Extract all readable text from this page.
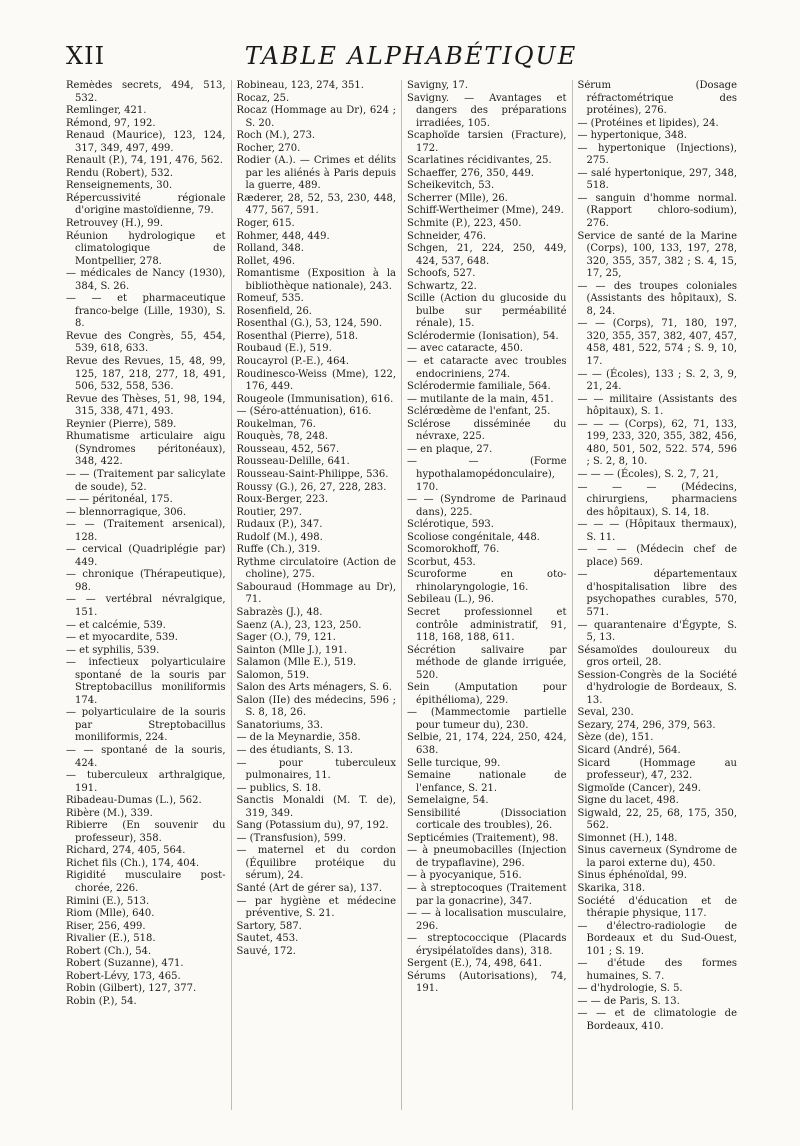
XII	TABLE ALPHABÉTIQUE

Remèdes secrets, 494, 513, 532.

Remlinger, 421.

Rémond, 97, 192.

Renaud (Maurice), 123, 124, 317, 349, 497, 499.

Renault (P.), 74, 191, 476, 562.

Rendu (Robert), 532.

Renseignements, 30.

Répercussivité régionale d'origine mastoïdienne, 79.

Retrouvey (H.), 99.

Réunion hydrologique et climatologique de Montpellier, 278.

— médicales de Nancy (1930), 384, S. 26.

— — et pharmaceutique franco-belge (Lille, 1930), S. 8.

Revue des Congrès, 55, 454, 539, 618, 633.

Revue des Revues, 15, 48, 99, 125, 187, 218, 277, 18, 491, 506, 532, 558, 536.

Revue des Thèses, 51, 98, 194, 315, 338, 471, 493.

Reynier (Pierre), 589.

Rhumatisme articulaire aigu (Syndromes péritonéaux), 348, 422.

— — (Traitement par salicylate de soude), 52.

— — péritonéal, 175.

— blennorragique, 306.

— — (Traitement arsenical), 128.

— cervical (Quadriplégie par) 449.

— chronique (Thérapeutique), 98.

— — vertébral névralgique, 151.

— et calcémie, 539.

— et myocardite, 539.

— et syphilis, 539.

— infectieux polyarticulaire spontané de la souris par Streptobacillus moniliformis 174.

— polyarticulaire de la souris par Streptobacillus moniliformis, 224.

— — spontané de la souris, 424.

— tuberculeux arthralgique, 191.

Ribadeau-Dumas (L.), 562.

Ribère (M.), 339.

Ribierre (En souvenir du professeur), 358.

Richard, 274, 405, 564.

Richet fils (Ch.), 174, 404.

Rigidité musculaire post-chorée, 226.

Rimini (E.), 513.

Riom (Mlle), 640.

Riser, 256, 499.

Rivalier (E.), 518.

Robert (Ch.), 54.

Robert (Suzanne), 471.

Robert-Lévy, 173, 465.

Robin (Gilbert), 127, 377.

Robin (P.), 54.

Robineau, 123, 274, 351.

Rocaz, 25.

Rocaz (Hommage au Dr), 624 ; S. 20.

Roch (M.), 273.

Rocher, 270.

Rodier (A.). — Crimes et délits par les aliénés à Paris depuis la guerre, 489.

Ræderer, 28, 52, 53, 230, 448, 477, 567, 591.

Roger, 615.

Rohmer, 448, 449.

Rolland, 348.

Rollet, 496.

Romantisme (Exposition à la bibliothèque nationale), 243.

Romeuf, 535.

Rosenfield, 26.

Rosenthal (G.), 53, 124, 590.

Rosenthal (Pierre), 518.

Roubaud (E.), 519.

Roucayrol (P.-E.), 464.

Roudinesco-Weiss (Mme), 122, 176, 449.

Rougeole (Immunisation), 616.

— (Séro-atténuation), 616.

Roukelman, 76.

Rouquès, 78, 248.

Rousseau, 452, 567.

Rousseau-Delille, 641.

Rousseau-Saint-Philippe, 536.

Roussy (G.), 26, 27, 228, 283.

Roux-Berger, 223.

Routier, 297.

Rudaux (P.), 347.

Rudolf (M.), 498.

Ruffe (Ch.), 319.

Rythme circulatoire (Action de choline), 275.

Sabouraud (Hommage au Dr), 71.

Sabrazès (J.), 48.

Saenz (A.), 23, 123, 250.

Sager (O.), 79, 121.

Sainton (Mlle J.), 191.

Salamon (Mlle E.), 519.

Salomon, 519.

Salon des Arts ménagers, S. 6.

Salon (IIe) des médecins, 596 ; S. 8, 18, 26.

Sanatoriums, 33.

— de la Meynardie, 358.

— des étudiants, S. 13.

— pour tuberculeux pulmonaires, 11.

— publics, S. 18.

Sanctis Monaldi (M. T. de), 319, 349.

Sang (Potassium du), 97, 192.

— (Transfusion), 599.

— maternel et du cordon (Équilibre protéique du sérum), 24.

Santé (Art de gérer sa), 137.

— par hygiène et médecine préventive, S. 21.

Sartory, 587.

Sautet, 453.

Sauvé, 172.

Savigny, 17.

Savigny. — Avantages et dangers des préparations irradiées, 105.

Scaphoïde tarsien (Fracture), 172.

Scarlatines récidivantes, 25.

Schaeffer, 276, 350, 449.

Scheikevitch, 53.

Scherrer (Mlle), 26.

Schiff-Wertheimer (Mme), 249.

Schmite (P.), 223, 450.

Schneider, 476.

Schgen, 21, 224, 250, 449, 424, 537, 648.

Schoofs, 527.

Schwartz, 22.

Scille (Action du glucoside du bulbe sur perméabilité rénale), 15.

Sclérodermie (Ionisation), 54.

— avec cataracte, 450.

— et cataracte avec troubles endocriniens, 274.

Sclérodermie familiale, 564.

— mutilante de la main, 451.

Sclérœdème de l'enfant, 25.

Sclérose disséminée du névraxe, 225.

— en plaque, 27.

— — (Forme hypothalamopédonculaire), 170.

— — (Syndrome de Parinaud dans), 225.

Sclérotique, 593.

Scoliose congénitale, 448.

Scomorokhoff, 76.

Scorbut, 453.

Scuroforme en oto-rhinolaryngologie, 16.

Sebileau (L.), 96.

Secret professionnel et contrôle administratif, 91, 118, 168, 188, 611.

Sécrétion salivaire par méthode de glande irriguée, 520.

Sein (Amputation pour épithélioma), 229.

— (Mammectomie partielle pour tumeur du), 230.

Selbie, 21, 174, 224, 250, 424, 638.

Selle turcique, 99.

Semaine nationale de l'enfance, S. 21.

Semelaigne, 54.

Sensibilité (Dissociation corticale des troubles), 26.

Septicémies (Traitement), 98.

— à pneumobacilles (Injection de trypaflavine), 296.

— à pyocyanique, 516.

— à streptocoques (Traitement par la gonacrine), 347.

— — à localisation musculaire, 296.

— streptococcique (Placards érysipélatoïdes dans), 318.

Sergent (E.), 74, 498, 641.

Sérums (Autorisations), 74, 191.

Sérum (Dosage réfractométrique des protéines), 276.

— (Protéines et lipides), 24.

— hypertonique, 348.

— hypertonique (Injections), 275.

— salé hypertonique, 297, 348, 518.

— sanguin d'homme normal. (Rapport chloro-sodium), 276.

Service de santé de la Marine (Corps), 100, 133, 197, 278, 320, 355, 357, 382 ; S. 4, 15, 17, 25,

— — des troupes coloniales (Assistants des hôpitaux), S. 8, 24.

— — (Corps), 71, 180, 197, 320, 355, 357, 382, 407, 457, 458, 481, 522, 574 ; S. 9, 10, 17.

— — (Écoles), 133 ; S. 2, 3, 9, 21, 24.

— — militaire (Assistants des hôpitaux), S. 1.

— — — (Corps), 62, 71, 133, 199, 233, 320, 355, 382, 456, 480, 501, 502, 522. 574, 596 ; S. 2, 8, 10.

— — — (Écoles), S. 2, 7, 21,

— — — (Médecins, chirurgiens, pharmaciens des hôpitaux), S. 14, 18.

— — — (Hôpitaux thermaux), S. 11.

— — — (Médecin chef de place) 569.

— départementaux d'hospitalisation libre des psychopathes curables, 570, 571.

— quarantenaire d'Égypte, S. 5, 13.

Sésamoïdes douloureux du gros orteil, 28.

Session-Congrès de la Société d'hydrologie de Bordeaux, S. 13.

Seval, 230.

Sezary, 274, 296, 379, 563.

Sèze (de), 151.

Sicard (André), 564.

Sicard (Hommage au professeur), 47, 232.

Sigmoïde (Cancer), 249.

Signe du lacet, 498.

Sigwald, 22, 25, 68, 175, 350, 562.

Simonnet (H.), 148.

Sinus caverneux (Syndrome de la paroi externe du), 450.

Sinus éphénoïdal, 99.

Skarika, 318.

Société d'éducation et de thérapie physique, 117.

— d'électro-radiologie de Bordeaux et du Sud-Ouest, 101 ; S. 19.

— d'étude des formes humaines, S. 7.

— d'hydrologie, S. 5.

— — de Paris, S. 13.

— — et de climatologie de Bordeaux, 410.
